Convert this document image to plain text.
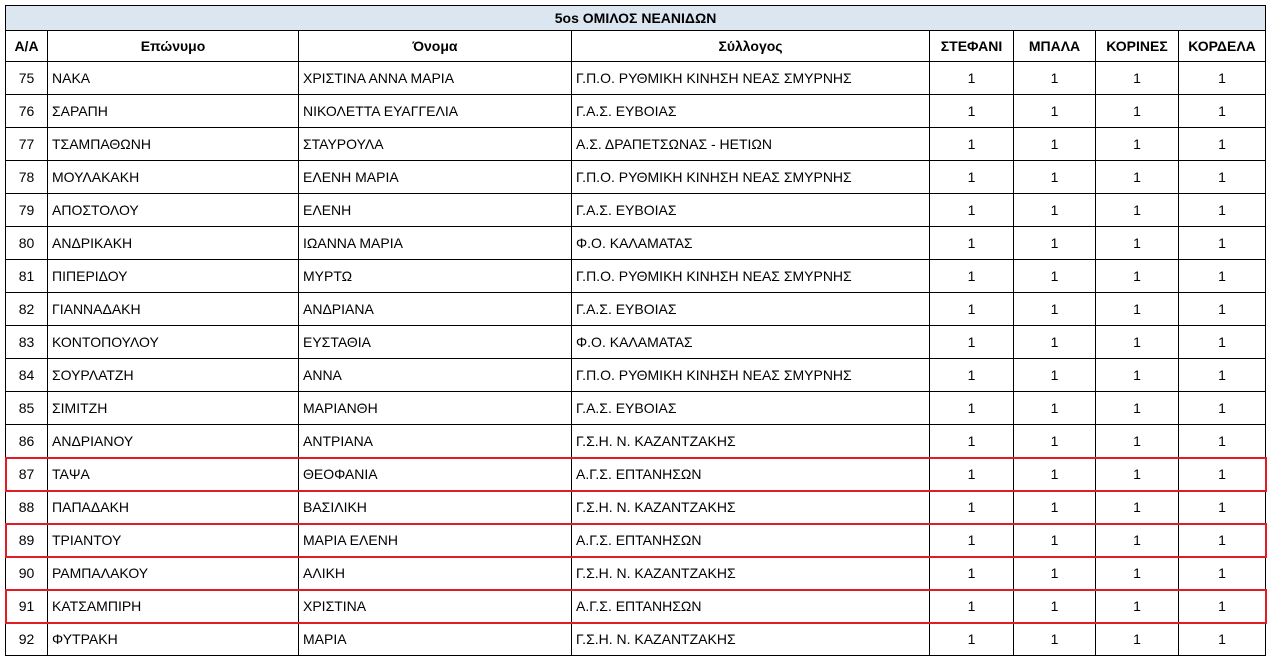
5os ΟΜΙΛΟΣ ΝΕΑΝΙΔΩΝ							
Α/Α	Επώνυμο	Όνομα	Σύλλογος	ΣΤΕΦΑΝΙ	ΜΠΑΛΑ	ΚΟΡΙΝΕΣ	ΚΟΡΔΕΛΑ
75	ΝΑΚΑ	ΧΡΙΣΤΙΝΑ ΑΝΝΑ ΜΑΡΙΑ	Γ.Π.Ο. ΡΥΘΜΙΚΗ ΚΙΝΗΣΗ ΝΕΑΣ ΣΜΥΡΝΗΣ	1	1	1	1
76	ΣΑΡΑΠΗ	ΝΙΚΟΛΕΤΤΑ ΕΥΑΓΓΕΛΙΑ	Γ.Α.Σ. ΕΥΒΟΙΑΣ	1	1	1	1
77	ΤΣΑΜΠΑΘΩΝΗ	ΣΤΑΥΡΟΥΛΑ	Α.Σ. ΔΡΑΠΕΤΣΩΝΑΣ - ΗΕΤΙΩΝ	1	1	1	1
78	ΜΟΥΛΑΚΑΚΗ	ΕΛΕΝΗ ΜΑΡΙΑ	Γ.Π.Ο. ΡΥΘΜΙΚΗ ΚΙΝΗΣΗ ΝΕΑΣ ΣΜΥΡΝΗΣ	1	1	1	1
79	ΑΠΟΣΤΟΛΟΥ	ΕΛΕΝΗ	Γ.Α.Σ. ΕΥΒΟΙΑΣ	1	1	1	1
80	ΑΝΔΡΙΚΑΚΗ	ΙΩΑΝΝΑ ΜΑΡΙΑ	Φ.Ο. ΚΑΛΑΜΑΤΑΣ	1	1	1	1
81	ΠΙΠΕΡΙΔΟΥ	ΜΥΡΤΩ	Γ.Π.Ο. ΡΥΘΜΙΚΗ ΚΙΝΗΣΗ ΝΕΑΣ ΣΜΥΡΝΗΣ	1	1	1	1
82	ΓΙΑΝΝΑΔΑΚΗ	ΑΝΔΡΙΑΝΑ	Γ.Α.Σ. ΕΥΒΟΙΑΣ	1	1	1	1
83	ΚΟΝΤΟΠΟΥΛΟΥ	ΕΥΣΤΑΘΙΑ	Φ.Ο. ΚΑΛΑΜΑΤΑΣ	1	1	1	1
84	ΣΟΥΡΛΑΤΖΗ	ΑΝΝΑ	Γ.Π.Ο. ΡΥΘΜΙΚΗ ΚΙΝΗΣΗ ΝΕΑΣ ΣΜΥΡΝΗΣ	1	1	1	1
85	ΣΙΜΙΤΖΗ	ΜΑΡΙΑΝΘΗ	Γ.Α.Σ. ΕΥΒΟΙΑΣ	1	1	1	1
86	ΑΝΔΡΙΑΝΟΥ	ΑΝΤΡΙΑΝΑ	Γ.Σ.Η. Ν. ΚΑΖΑΝΤΖΑΚΗΣ	1	1	1	1
87	ΤΑΨΑ	ΘΕΟΦΑΝΙΑ	Α.Γ.Σ. ΕΠΤΑΝΗΣΩΝ	1	1	1	1
88	ΠΑΠΑΔΑΚΗ	ΒΑΣΙΛΙΚΗ	Γ.Σ.Η. Ν. ΚΑΖΑΝΤΖΑΚΗΣ	1	1	1	1
89	ΤΡΙΑΝΤΟΥ	ΜΑΡΙΑ ΕΛΕΝΗ	Α.Γ.Σ. ΕΠΤΑΝΗΣΩΝ	1	1	1	1
90	ΡΑΜΠΑΛΑΚΟΥ	ΑΛΙΚΗ	Γ.Σ.Η. Ν. ΚΑΖΑΝΤΖΑΚΗΣ	1	1	1	1
91	ΚΑΤΣΑΜΠΙΡΗ	ΧΡΙΣΤΙΝΑ	Α.Γ.Σ. ΕΠΤΑΝΗΣΩΝ	1	1	1	1
92	ΦΥΤΡΑΚΗ	ΜΑΡΙΑ	Γ.Σ.Η. Ν. ΚΑΖΑΝΤΖΑΚΗΣ	1	1	1	1
